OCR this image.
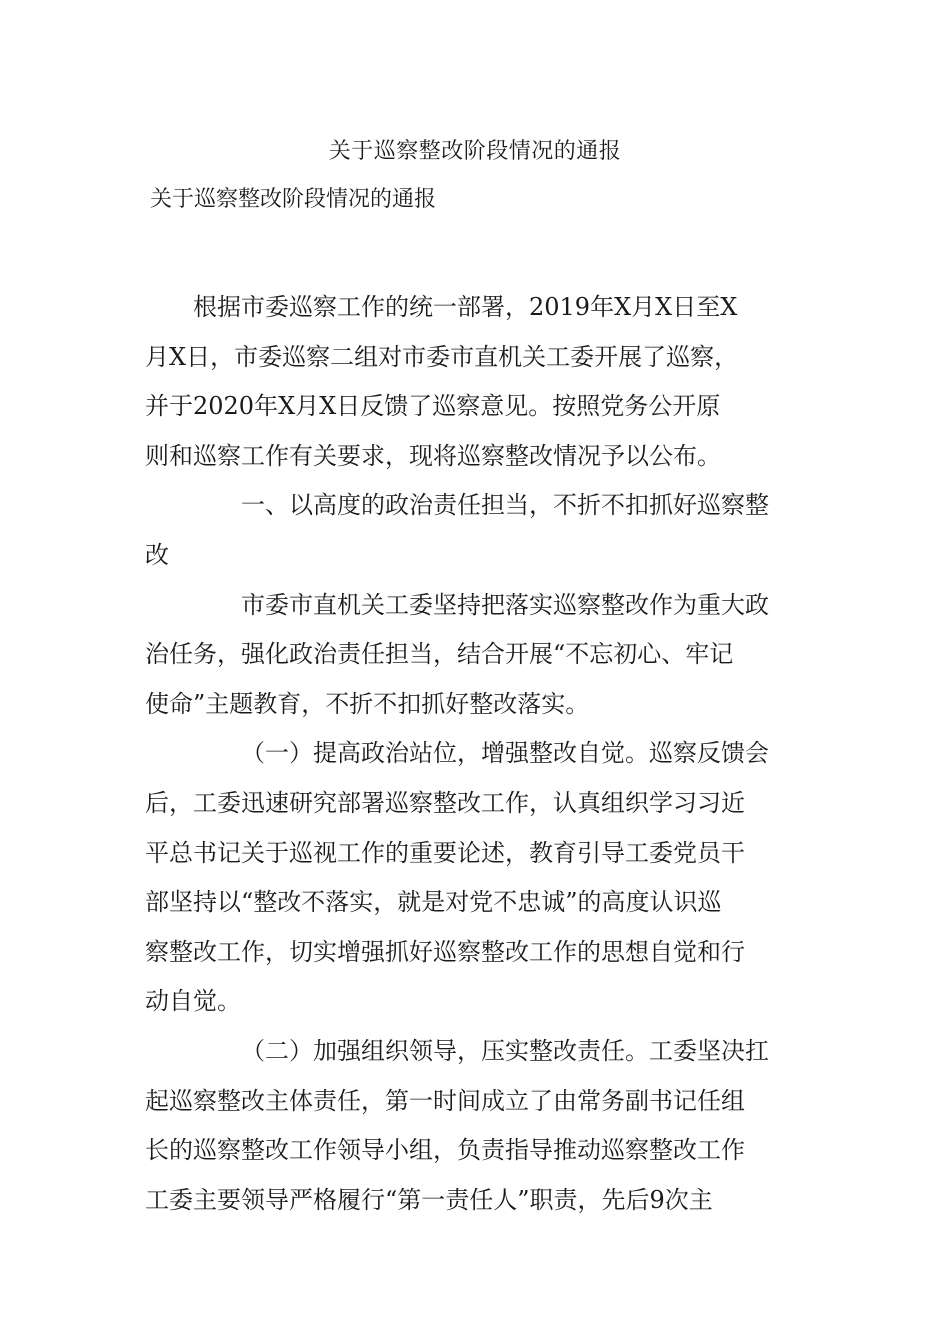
关于巡察整改阶段情况的通报
关于巡察整改阶段情况的通报

根据市委巡察工作的统一部署，2019年X月X日至X
月X日，市委巡察二组对市委市直机关工委开展了巡察，
并于2020年X月X日反馈了巡察意见。按照党务公开原
则和巡察工作有关要求，现将巡察整改情况予以公布。

一、以高度的政治责任担当，不折不扣抓好巡察整
改

市委市直机关工委坚持把落实巡察整改作为重大政
治任务，强化政治责任担当，结合开展“不忘初心、牢记
使命”主题教育，不折不扣抓好整改落实。

（一）提高政治站位，增强整改自觉。巡察反馈会
后，工委迅速研究部署巡察整改工作，认真组织学习习近
平总书记关于巡视工作的重要论述，教育引导工委党员干
部坚持以“整改不落实，就是对党不忠诚”的高度认识巡
察整改工作，切实增强抓好巡察整改工作的思想自觉和行
动自觉。

（二）加强组织领导，压实整改责任。工委坚决扛
起巡察整改主体责任，第一时间成立了由常务副书记任组
长的巡察整改工作领导小组，负责指导推动巡察整改工作
工委主要领导严格履行“第一责任人”职责，先后9次主
